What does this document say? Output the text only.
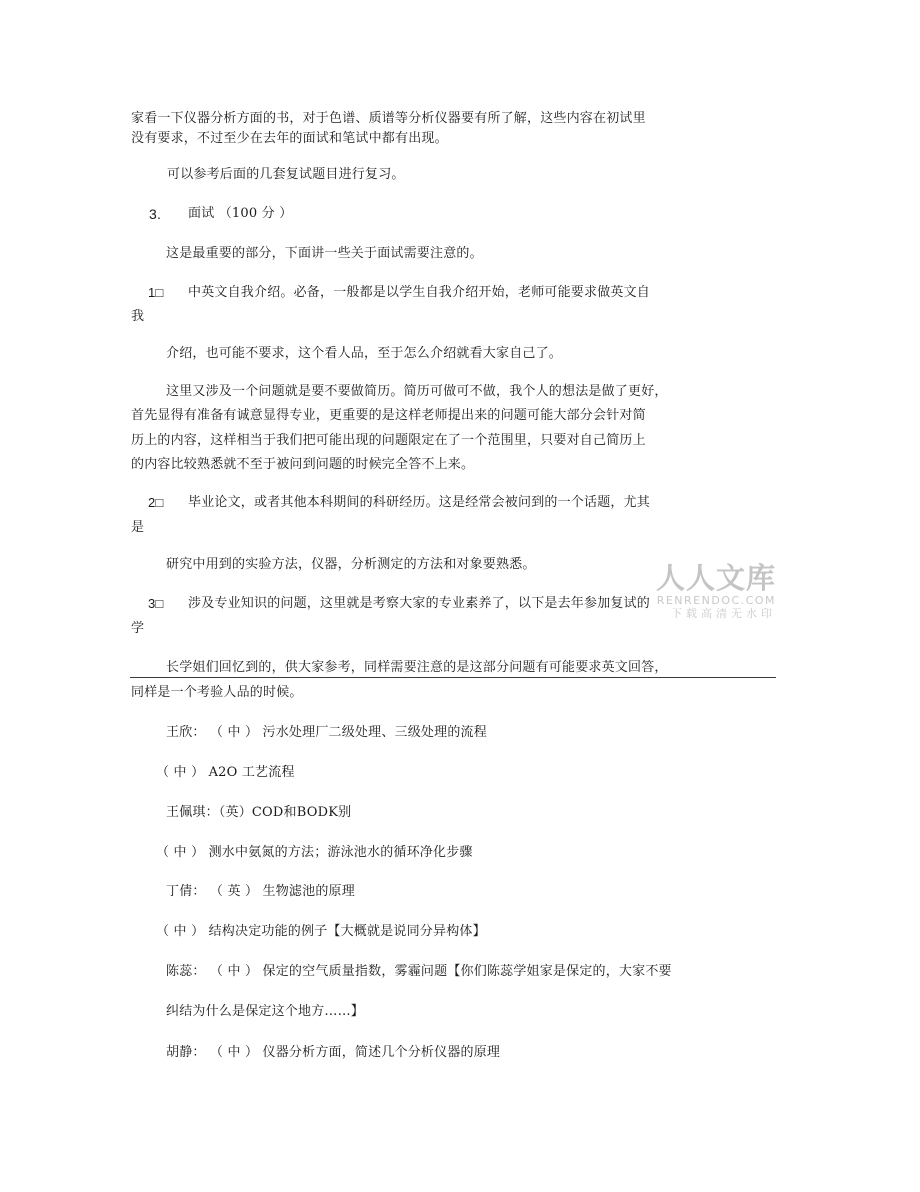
家看一下仪器分析方面的书，对于色谱、质谱等分析仪器要有所了解，这些内容在初试里
没有要求，不过至少在去年的面试和笔试中都有出现。
可以参考后面的几套复试题目进行复习。
3. 面试 （100 分 ）
这是最重要的部分，下面讲一些关于面试需要注意的。
1□ 中英文自我介绍。必备，一般都是以学生自我介绍开始，老师可能要求做英文自
我
介绍，也可能不要求，这个看人品，至于怎么介绍就看大家自己了。
这里又涉及一个问题就是要不要做简历。简历可做可不做，我个人的想法是做了更好，
首先显得有准备有诚意显得专业，更重要的是这样老师提出来的问题可能大部分会针对简
历上的内容，这样相当于我们把可能出现的问题限定在了一个范围里，只要对自己简历上
的内容比较熟悉就不至于被问到问题的时候完全答不上来。
2□ 毕业论文，或者其他本科期间的科研经历。这是经常会被问到的一个话题，尤其
是
研究中用到的实验方法，仪器，分析测定的方法和对象要熟悉。
3□ 涉及专业知识的问题，这里就是考察大家的专业素养了，以下是去年参加复试的
学
长学姐们回忆到的，供大家参考，同样需要注意的是这部分问题有可能要求英文回答，
同样是一个考验人品的时候。
王欣： （ 中 ） 污水处理厂二级处理、三级处理的流程
（ 中 ） A2O 工艺流程
王佩琪：（英）COD和BODK别
（ 中 ） 测水中氨氮的方法；游泳池水的循环净化步骤
丁倩： （ 英 ） 生物滤池的原理
（ 中 ） 结构决定功能的例子【大概就是说同分异构体】
陈蕊： （ 中 ） 保定的空气质量指数，雾霾问题【你们陈蕊学姐家是保定的，大家不要
纠结为什么是保定这个地方……】
胡静： （ 中 ） 仪器分析方面，简述几个分析仪器的原理
人人文库
RENRENDOC.COM
下载高清无水印
